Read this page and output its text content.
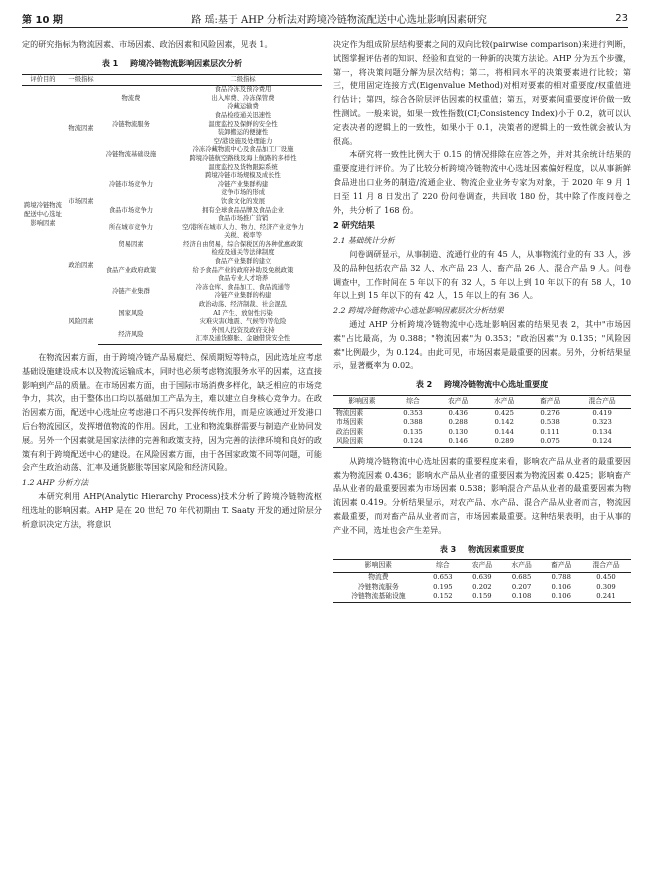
第 10 期	路 瑶:基于 AHP 分析法对跨境冷链物流配送中心选址影响因素研究	23

定的研究指标为物流因素、市场因素、政治因素和风险因素，见表 1。

表 1 跨境冷链物流影响因素层次分析
评价目的	一级指标		二级指标
跨境冷链物流配送中心选址影响因素	物流因素	物流费	食品冷冻及预冷费用
出入库费、冷冻保管费
冷藏运输费

		冷链物流服务	食品检疫通关迅速性
温度监控及保鲜的安全性
装卸搬运的便捷性

		冷链物流基础设施	空/港设施及处理能力
冷冻冷藏物流中心及食品加工厂设施
跨境冷链航空路线及海上航路的多样性
温度监控及货物跟踪系统

	市场因素	冷链市场竞争力	跨境冷链市场规模及成长性
冷链产业集群构建
竞争市场的形成

		食品市场竞争力	饮食文化的发展
拥有全球食品品牌及食品企业
食品市场推广营销

		所在城市竞争力	空/港所在城市人力、物力、经济产业竞争力

	政治因素	贸易因素	关税、税率等
经济自由贸易，综合保税区的各种优惠政策
检疫及通关等法律制度

		食品产业政府政策	食品产业集群的建立
给予食品产业的政府补助及免税政策
食品专业人才培养

		冷链产业集群	冷冻仓库、食品加工、食品流通等
冷链产业集群的构建

	风险因素	国家风险	政治动荡、经济制裁、社会混乱
AI 产生、放射性污染
灾难灾害(地震、气候等)等危险

		经济风险	外国人投资及政府支持
汇率及通货膨胀、金融借贷安全性

在物流因素方面，由于跨境冷链产品易腐烂、保质期短等特点，因此选址应考虑基础设施建设成本以及物流运输成本，同时也必须考虑物流服务水平的因素，这直接影响到产品的质量。在市场因素方面，由于国际市场消费多样化，缺乏相应的市场竞争力，其次，由于整体出口均以基础加工产品为主，难以建立自身核心竞争力。在政治因素方面，配送中心选址应考虑港口不再只发挥传统作用，而是应该通过开发港口后台物流园区，发挥增值物流的作用。因此，工业和物流集群需要与制造产业协同发展。另外一个因素就是国家法律的完善和政策支持，因为完善的法律环境和良好的政策有利于跨境配送中心的建设。在风险因素方面，由于各国家政策不同等问题，可能会产生政治动荡、汇率及通货膨胀等国家风险和经济风险。

1.2 AHP 分析方法

本研究利用 AHP(Analytic Hierarchy Process)技术分析了跨境冷链物流枢纽选址的影响因素。AHP 是在 20 世纪 70 年代初期由 T. Saaty 开发的通过阶层分析意识决定方法，将意识

决定作为组成阶层结构要素之间的双向比较(pairwise comparison)来进行判断，试图掌握评估者的知识、经验和直觉的一种新的决策方法论。AHP 分为五个步骤，第一，将决策问题分解为层次结构；第二，将相同水平的决策要素进行比较；第三，使用固定连接方式(Eigenvalue Method)对相对要素的相对重要度/权重值进行估计；第四，综合各阶层评估因素的权重值；第五，对要素间重要度评价做一致性测试。一般来说，如果一致性指数(CI;Consistency Index)小于 0.2，就可以认定表决者的逻辑上的一致性，如果小于 0.1，决策者的逻辑上的一致性就会被认为很高。

本研究将一致性比例大于 0.15 的情况排除在应答之外，并对其余统计结果的重要度进行评价。为了比较分析跨境冷链物流中心选址因素偏好程度，以从事新鲜食品进出口业务的制造/流通企业、物流企业业务专家为对象，于 2020 年 9 月 1 日至 11 月 8 日发出了 220 份问卷调查，共回收 180 份，其中除了作废问卷之外，共分析了 168 份。

2 研究结果
2.1 基础统计分析

问卷调研显示，从事制造、流通行业的有 45 人，从事物流行业的有 33 人，涉及的品种包括农产品 32 人、水产品 23 人、畜产品 26 人、混合产品 9 人。问卷调查中，工作时间在 5 年以下的有 32 人，5 年以上到 10 年以下的有 58 人，10 年以上到 15 年以下的有 42 人，15 年以上的有 36 人。

2.2 跨境冷链物流中心选址影响因素层次分析结果

通过 AHP 分析跨境冷链物流中心选址影响因素的结果见表 2，其中"市场因素"占比最高，为 0.388；"物流因素"为 0.353；"政治因素"为 0.135；"风险因素"比例最少，为 0.124。由此可见，市场因素是最重要的因素。另外，分析结果显示，显著概率为 0.02。

表 2 跨境冷链物流中心选址重要度
影响因素	综合	农产品	水产品	畜产品	混合产品
物流因素	0.353	0.436	0.425	0.276	0.419
市场因素	0.388	0.288	0.142	0.538	0.323
政治因素	0.135	0.130	0.144	0.111	0.134
风险因素	0.124	0.146	0.289	0.075	0.124

从跨境冷链物流中心选址因素的重要程度来看，影响农产品从业者的最重要因素为物流因素 0.436；影响水产品从业者的重要因素为物流因素 0.425；影响畜产品从业者的最重要因素为市场因素 0.538；影响混合产品从业者的最重要因素为物流因素 0.419。分析结果显示，对农产品、水产品、混合产品从业者而言，物流因素最重要，而对畜产品从业者而言，市场因素最重要。这种结果表明，由于从事的产业不同，选址也会产生差异。

表 3 物流因素重要度
影响因素	综合	农产品	水产品	畜产品	混合产品
物流费	0.653	0.639	0.685	0.788	0.450
冷链物流服务	0.195	0.202	0.207	0.106	0.309
冷链物流基础设施	0.152	0.159	0.108	0.106	0.241
